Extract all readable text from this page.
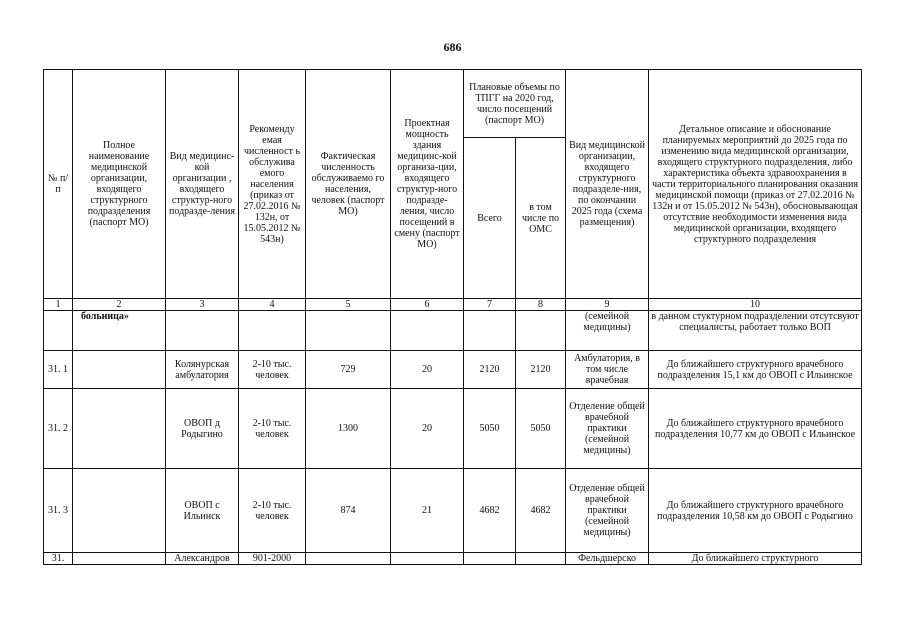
686
№ п/п	Полное наименование медицинской организации, входящего структурного подразделения (паспорт МО)	Вид медицинс-кой организации , входящего структур-ного подразде-ления	Рекоменду емая численност ь обслужива емого населения (приказ от 27.02.2016 № 132н, от 15.05.2012 № 543н)	Фактическая численность обслуживаемо го населения, человек (паспорт МО)	Проектная мощность здания медицинс-кой организа-ции, входящего структур-ного подразде-ления, число посещений в смену (паспорт МО)	Плановые объемы по ТПГГ на 2020 год, число посещений (паспорт МО)		Вид медицинской организации, входящего структурного подразделе-ния, по окончании 2025 года (схема размещения)	Детальное описание и обоснование планируемых мероприятий до 2025 года по изменению вида медицинской организации, входящего структурного подразделения, либо характеристика объекта здравоохранения в части территориального планирования оказания медицинской помощи (приказ от 27.02.2016 № 132н и от 15.05.2012 № 543н), обосновывающая отсутствие необходимости изменения вида медицинской организации, входящего структурного подразделения
						Всего	в том числе по ОМС		
1	2	3	4	5	6	7	8	9	10
	больница»							(семейной медицины)	в данном стуктурном подразделении отсутсвуют специалисты, работает только ВОП
31. 1		Колянурская амбулатория	2-10 тыс. человек	729	20	2120	2120	Амбулатория, в том числе врачебная	До ближайшего структурного врачебного подразделения 15,1 км до ОВОП с Ильинское
31. 2		ОВОП д Родыгино	2-10 тыс. человек	1300	20	5050	5050	Отделение общей врачебной практики (семейной медицины)	До ближайшего структурного врачебного подразделения 10,77 км до ОВОП с Ильинское
31. 3		ОВОП с Ильинск	2-10 тыс. человек	874	21	4682	4682	Отделение общей врачебной практики (семейной медицины)	До ближайшего структурного врачебного подразделения 10,58 км до ОВОП с Родыгино
31.		Александров	901-2000					Фельдшерско	До ближайшего структурного
